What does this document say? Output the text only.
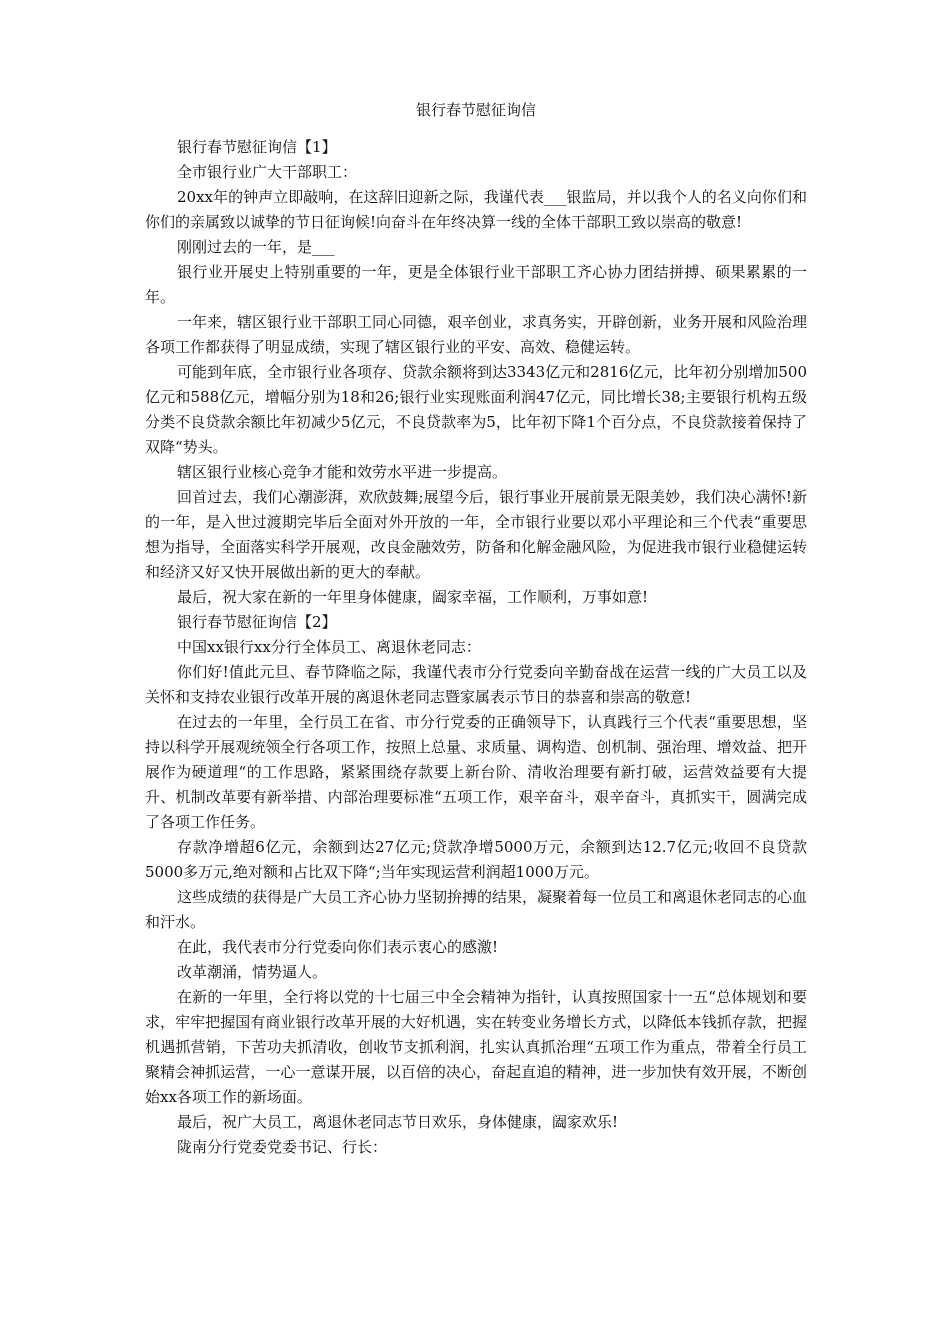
银行春节慰征询信

银行春节慰征询信【1】

全市银行业广大干部职工：

20xx年的钟声立即敲响，在这辞旧迎新之际，我谨代表___银监局，并以我个人的名义向你们和你们的亲属致以诚挚的节日征询候!向奋斗在年终决算一线的全体干部职工致以崇高的敬意!

刚刚过去的一年，是___

银行业开展史上特别重要的一年，更是全体银行业干部职工齐心协力团结拼搏、硕果累累的一年。

一年来，辖区银行业干部职工同心同德，艰辛创业，求真务实，开辟创新，业务开展和风险治理各项工作都获得了明显成绩，实现了辖区银行业的平安、高效、稳健运转。

可能到年底，全市银行业各项存、贷款余额将到达3343亿元和2816亿元，比年初分别增加500亿元和588亿元，增幅分别为18和26;银行业实现账面利润47亿元，同比增长38;主要银行机构五级分类不良贷款余额比年初减少5亿元，不良贷款率为5，比年初下降1个百分点，不良贷款接着保持了双降“势头。

辖区银行业核心竞争才能和效劳水平进一步提高。

回首过去，我们心潮澎湃，欢欣鼓舞;展望今后，银行事业开展前景无限美妙，我们决心满怀!新的一年，是入世过渡期完毕后全面对外开放的一年，全市银行业要以邓小平理论和三个代表“重要思想为指导，全面落实科学开展观，改良金融效劳，防备和化解金融风险，为促进我市银行业稳健运转和经济又好又快开展做出新的更大的奉献。

最后，祝大家在新的一年里身体健康，阖家幸福，工作顺利，万事如意!

银行春节慰征询信【2】

中国xx银行xx分行全体员工、离退休老同志：

你们好!值此元旦、春节降临之际，我谨代表市分行党委向辛勤奋战在运营一线的广大员工以及关怀和支持农业银行改革开展的离退休老同志暨家属表示节日的恭喜和崇高的敬意!

在过去的一年里，全行员工在省、市分行党委的正确领导下，认真践行三个代表“重要思想，坚持以科学开展观统领全行各项工作，按照上总量、求质量、调构造、创机制、强治理、增效益、把开展作为硬道理“的工作思路，紧紧围绕存款要上新台阶、清收治理要有新打破，运营效益要有大提升、机制改革要有新举措、内部治理要标准“五项工作，艰辛奋斗，艰辛奋斗，真抓实干，圆满完成了各项工作任务。

存款净增超6亿元，余额到达27亿元;贷款净增5000万元，余额到达12.7亿元;收回不良贷款5000多万元,绝对额和占比双下降“;当年实现运营利润超1000万元。

这些成绩的获得是广大员工齐心协力坚韧拚搏的结果，凝聚着每一位员工和离退休老同志的心血和汗水。

在此，我代表市分行党委向你们表示衷心的感激!

改革潮涌，情势逼人。

在新的一年里，全行将以党的十七届三中全会精神为指针，认真按照国家十一五“总体规划和要求，牢牢把握国有商业银行改革开展的大好机遇，实在转变业务增长方式，以降低本钱抓存款，把握机遇抓营销，下苦功夫抓清收，创收节支抓利润，扎实认真抓治理“五项工作为重点，带着全行员工聚精会神抓运营，一心一意谋开展，以百倍的决心，奋起直追的精神，进一步加快有效开展，不断创始xx各项工作的新场面。

最后，祝广大员工，离退休老同志节日欢乐，身体健康，阖家欢乐!

陇南分行党委党委书记、行长：
